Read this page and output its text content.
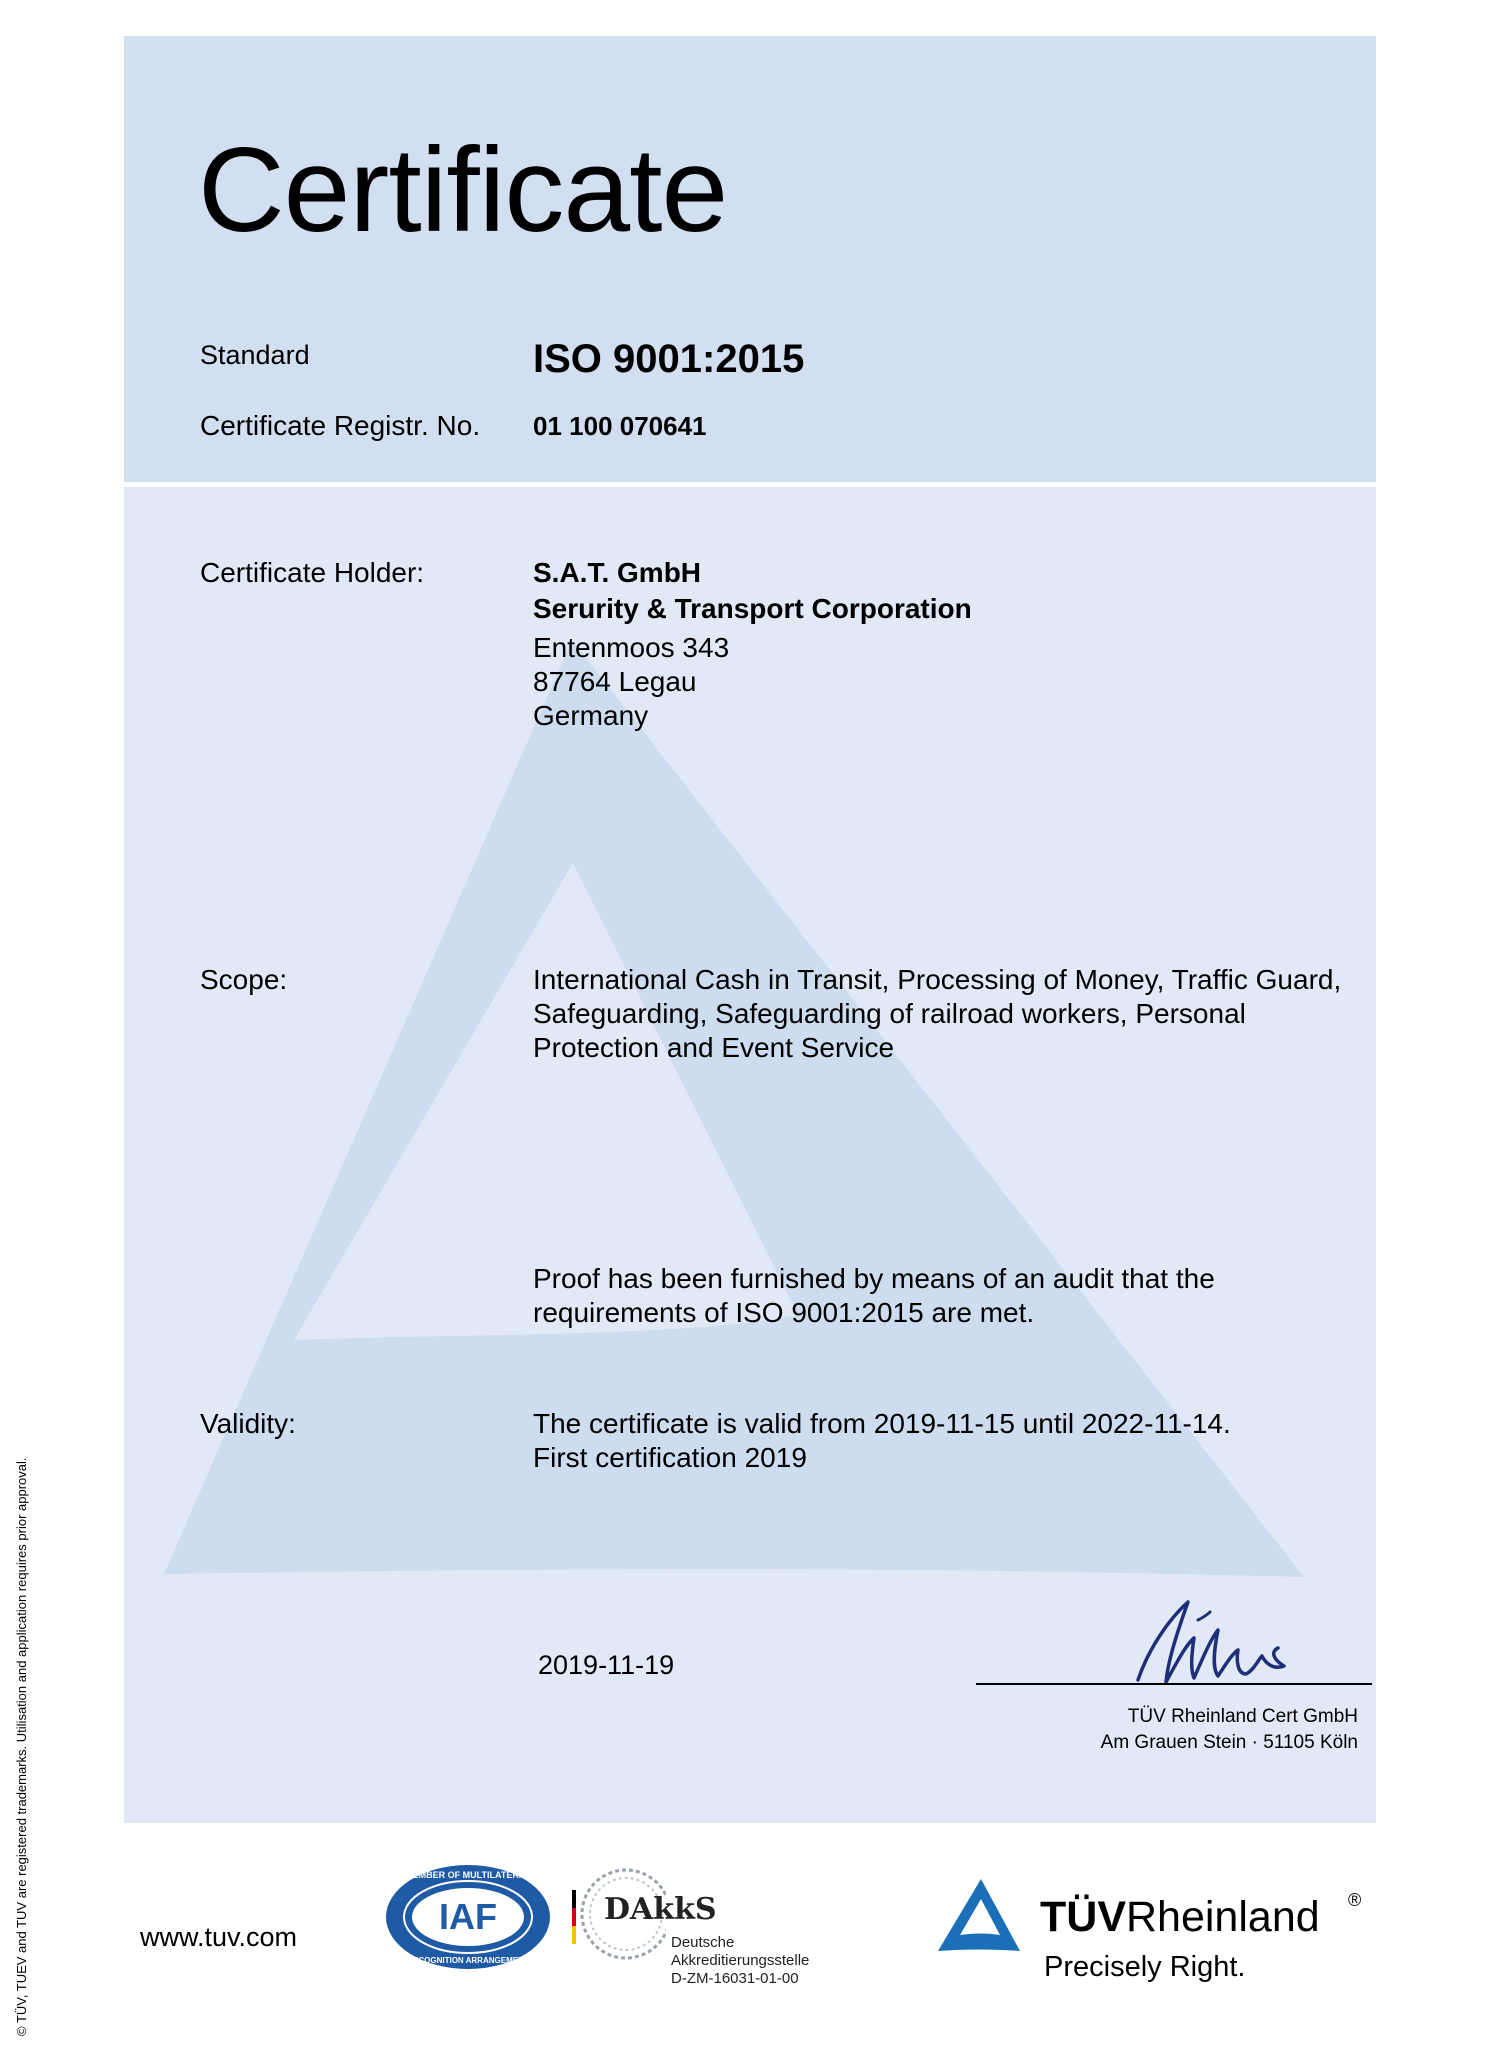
Certificate
Standard	ISO 9001:2015
Certificate Registr. No. 01 100 070641
Certificate Holder:	S.A.T. GmbH
Serurity & Transport Corporation
Entenmoos 343
87764 Legau
Germany
Scope:	International Cash in Transit, Processing of Money, Traffic Guard,
Safeguarding, Safeguarding of railroad workers, Personal
Protection and Event Service
Proof has been furnished by means of an audit that the
requirements of ISO 9001:2015 are met.
Validity:	The certificate is valid from 2019-11-15 until 2022-11-14.
First certification 2019
2019-11-19
TÜV Rheinland Cert GmbH
Am Grauen Stein · 51105 Köln
© TÜV, TUEV and TUV are registered trademarks. Utilisation and application requires prior approval.	www.tuv.com	IAF
MEMBER OF MULTILATERAL
RECOGNITION ARRANGEMENT
DAkkS
Deutsche
Akkreditierungsstelle
D-ZM-16031-01-00
TÜVRheinland ®
Precisely Right.
